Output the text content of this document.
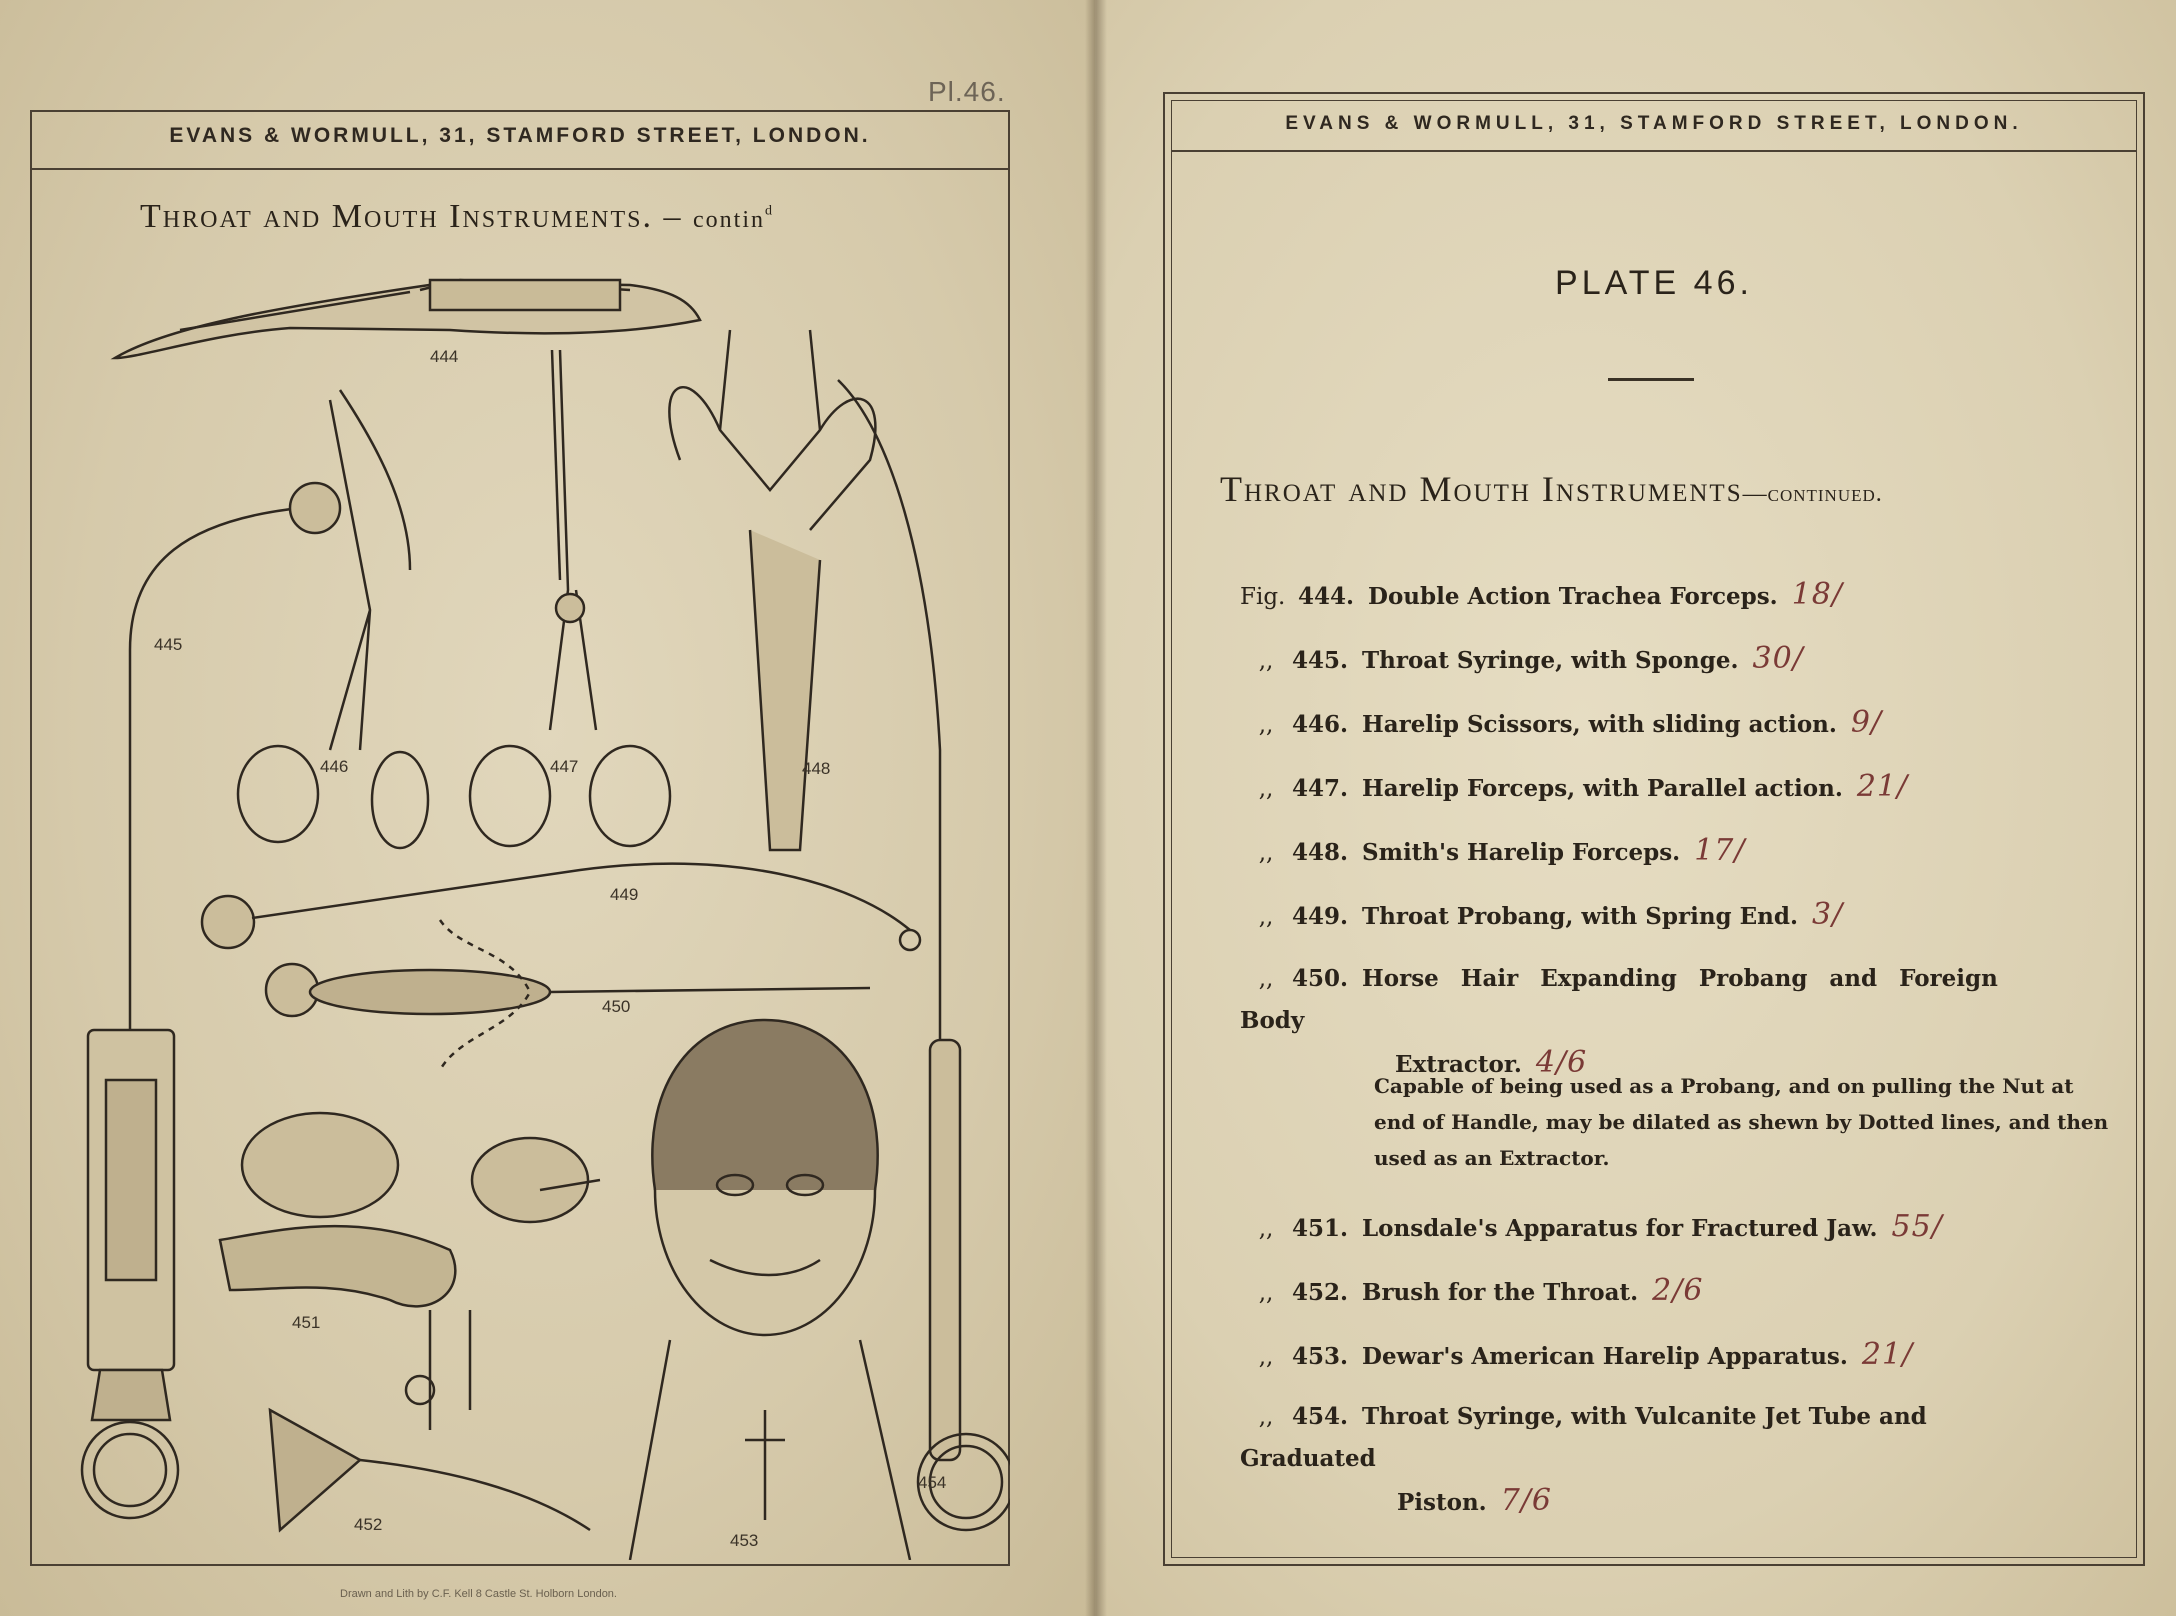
Pl.46.
EVANS & WORMULL, 31, STAMFORD STREET, LONDON.
Throat and Mouth Instruments. – contin$^d$
444
445
446	447	448
449
450
451
452
453
454
Drawn and Lith by C.F. Kell 8 Castle St. Holborn London.
EVANS & WORMULL, 31, STAMFORD STREET, LONDON.
PLATE 46.
Throat and Mouth Instruments—continued.
Fig. 444. Double Action Trachea Forceps. 18/
,, 445. Throat Syringe, with Sponge. 30/
,, 446. Harelip Scissors, with sliding action. 9/
,, 447. Harelip Forceps, with Parallel action. 21/
,, 448. Smith's Harelip Forceps. 17/
,, 449. Throat Probang, with Spring End. 3/
,, 450. Horse Hair Expanding Probang and Foreign Body
Extractor. 4/6
Capable of being used as a Probang, and on pulling the Nut at end of Handle, may be dilated as shewn by Dotted lines, and then used as an Extractor.
,, 451. Lonsdale's Apparatus for Fractured Jaw. 55/
,, 452. Brush for the Throat. 2/6
,, 453. Dewar's American Harelip Apparatus. 21/
,, 454. Throat Syringe, with Vulcanite Jet Tube and Graduated
Piston. 7/6
